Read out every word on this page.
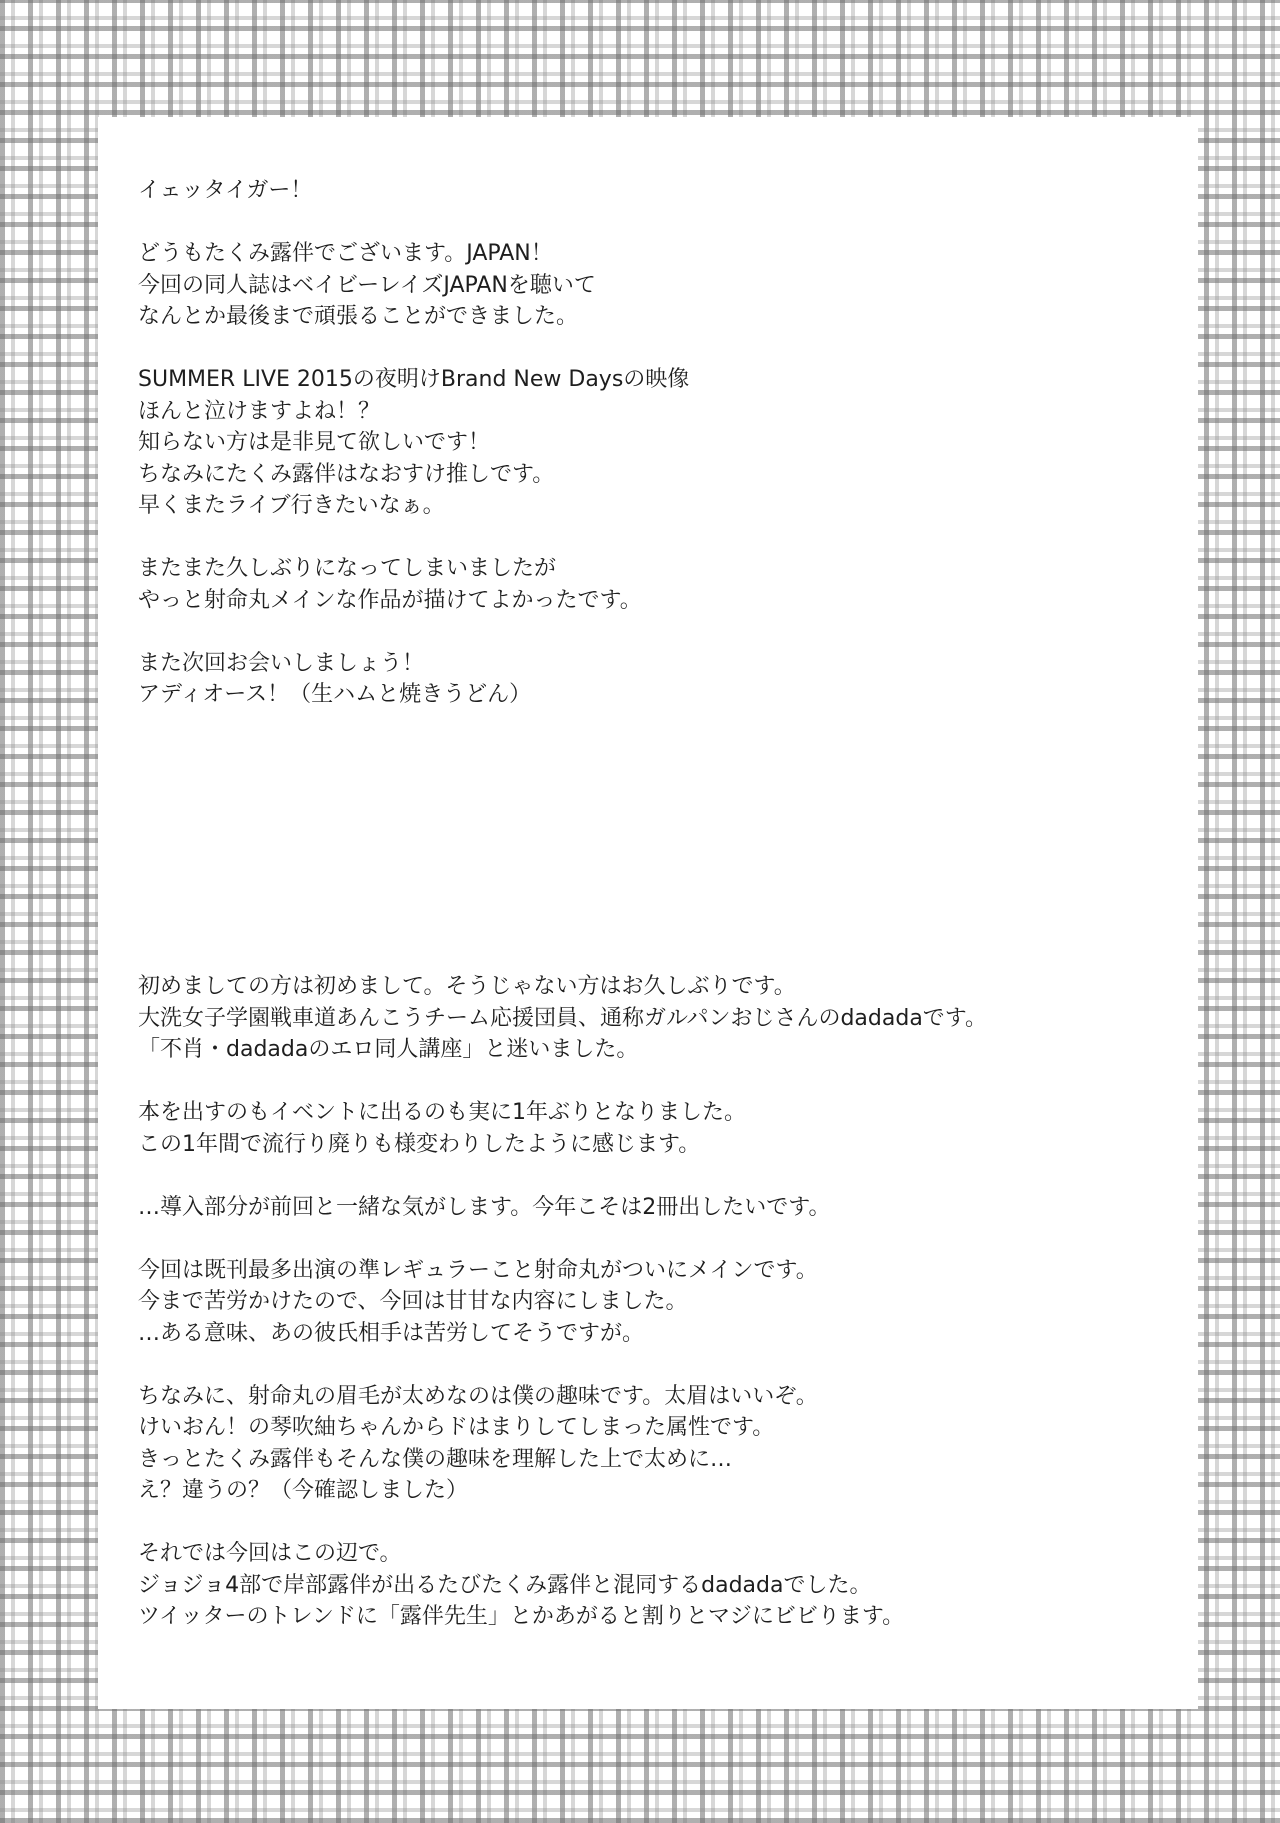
イェッタイガー！
どうもたくみ露伴でございます。JAPAN！
今回の同人誌はベイビーレイズJAPANを聴いて
なんとか最後まで頑張ることができました。
SUMMER LIVE 2015の夜明けBrand New Daysの映像
ほんと泣けますよね！？
知らない方は是非見て欲しいです！
ちなみにたくみ露伴はなおすけ推しです。
早くまたライブ行きたいなぁ。
またまた久しぶりになってしまいましたが
やっと射命丸メインな作品が描けてよかったです。
また次回お会いしましょう！
アディオース！（生ハムと焼きうどん）
初めましての方は初めまして。そうじゃない方はお久しぶりです。
大洗女子学園戦車道あんこうチーム応援団員、通称ガルパンおじさんのdadadaです。
「不肖・dadadaのエロ同人講座」と迷いました。
本を出すのもイベントに出るのも実に1年ぶりとなりました。
この1年間で流行り廃りも様変わりしたように感じます。
…導入部分が前回と一緒な気がします。今年こそは2冊出したいです。
今回は既刊最多出演の準レギュラーこと射命丸がついにメインです。
今まで苦労かけたので、今回は甘甘な内容にしました。
…ある意味、あの彼氏相手は苦労してそうですが。
ちなみに、射命丸の眉毛が太めなのは僕の趣味です。太眉はいいぞ。
けいおん！の琴吹紬ちゃんからドはまりしてしまった属性です。
きっとたくみ露伴もそんな僕の趣味を理解した上で太めに…
え？違うの？（今確認しました）
それでは今回はこの辺で。
ジョジョ4部で岸部露伴が出るたびたくみ露伴と混同するdadadaでした。
ツイッターのトレンドに「露伴先生」とかあがると割りとマジにビビります。
